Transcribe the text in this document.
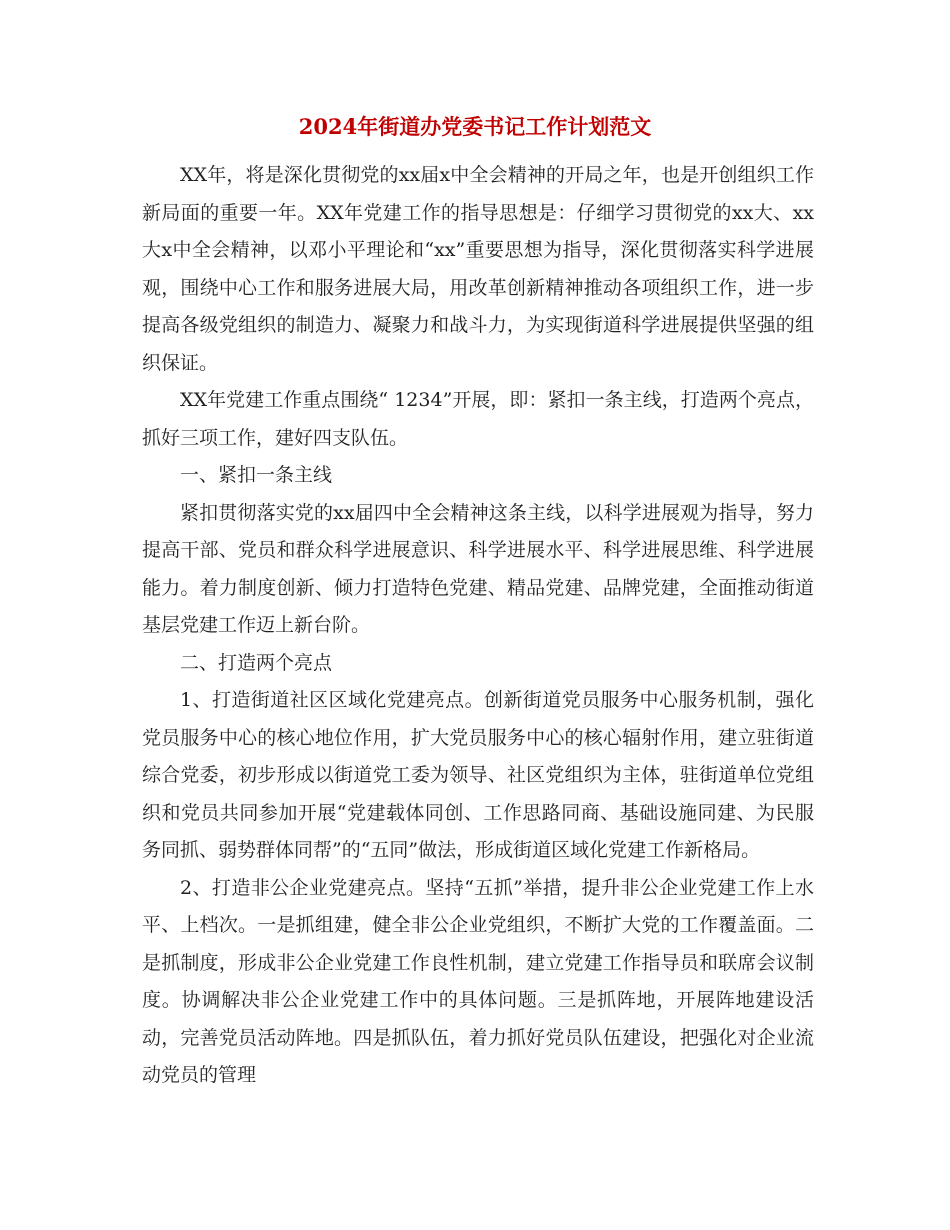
2024年街道办党委书记工作计划范文

XX年，将是深化贯彻党的xx届x中全会精神的开局之年，也是开创组织工作新局面的重要一年。XX年党建工作的指导思想是：仔细学习贯彻党的xx大、xx大x中全会精神，以邓小平理论和“xx”重要思想为指导，深化贯彻落实科学进展观，围绕中心工作和服务进展大局，用改革创新精神推动各项组织工作，进一步提高各级党组织的制造力、凝聚力和战斗力，为实现街道科学进展提供坚强的组织保证。

XX年党建工作重点围绕“ 1234”开展，即：紧扣一条主线，打造两个亮点，抓好三项工作，建好四支队伍。

一、紧扣一条主线

紧扣贯彻落实党的xx届四中全会精神这条主线，以科学进展观为指导，努力提高干部、党员和群众科学进展意识、科学进展水平、科学进展思维、科学进展能力。着力制度创新、倾力打造特色党建、精品党建、品牌党建，全面推动街道基层党建工作迈上新台阶。

二、打造两个亮点

1、打造街道社区区域化党建亮点。创新街道党员服务中心服务机制，强化党员服务中心的核心地位作用，扩大党员服务中心的核心辐射作用，建立驻街道综合党委，初步形成以街道党工委为领导、社区党组织为主体，驻街道单位党组织和党员共同参加开展“党建载体同创、工作思路同商、基础设施同建、为民服务同抓、弱势群体同帮”的“五同”做法，形成街道区域化党建工作新格局。

2、打造非公企业党建亮点。坚持“五抓”举措，提升非公企业党建工作上水平、上档次。一是抓组建，健全非公企业党组织，不断扩大党的工作覆盖面。二是抓制度，形成非公企业党建工作良性机制，建立党建工作指导员和联席会议制度。协调解决非公企业党建工作中的具体问题。三是抓阵地，开展阵地建设活动，完善党员活动阵地。四是抓队伍，着力抓好党员队伍建设，把强化对企业流动党员的管理
